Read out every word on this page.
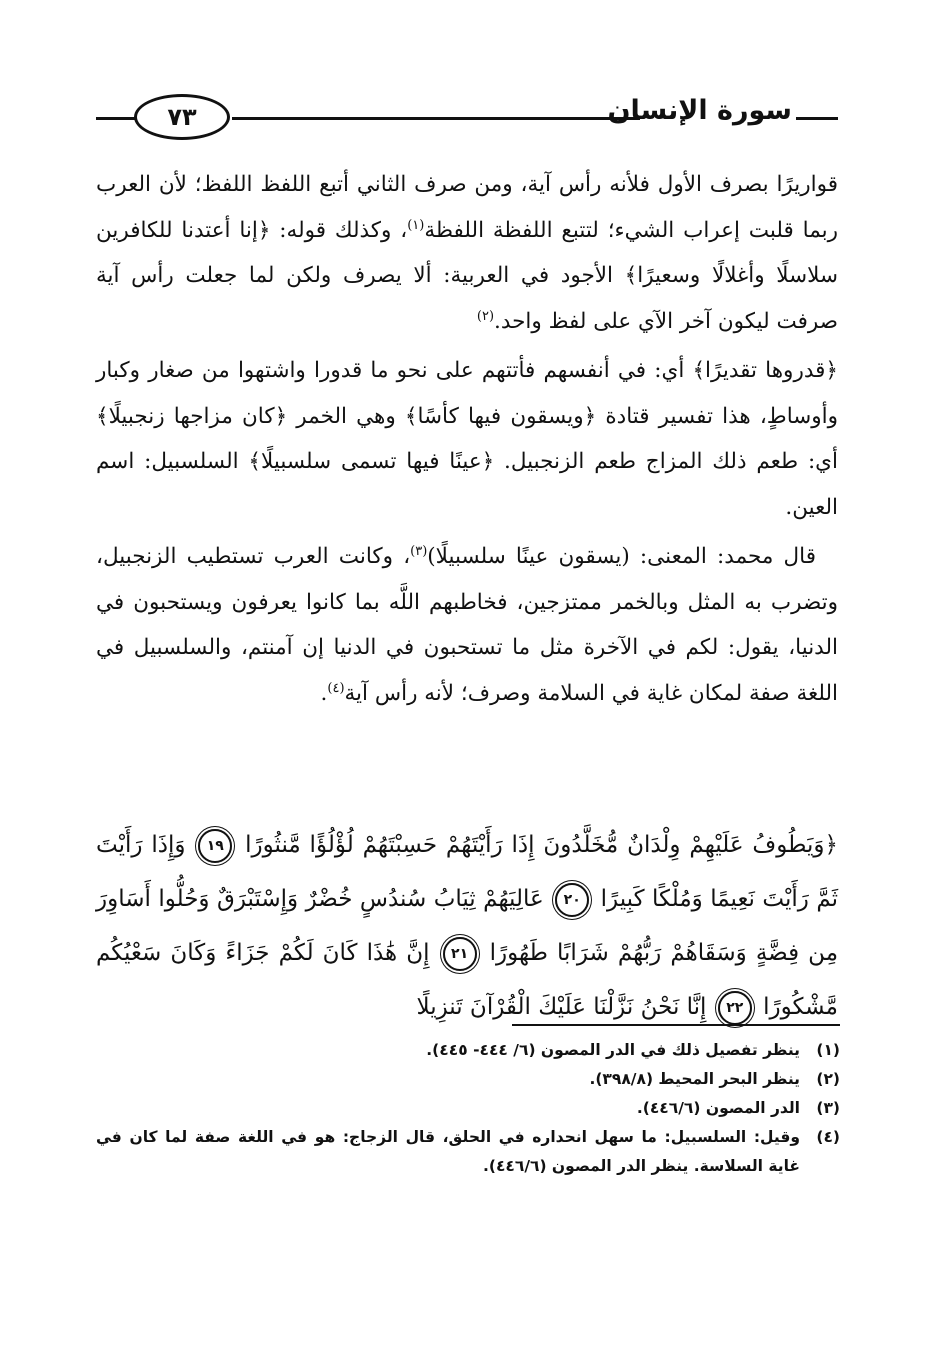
٧٣	سورة الإنسان

قواريرًا بصرف الأول فلأنه رأس آية، ومن صرف الثاني أتبع اللفظ اللفظ؛ لأن العرب ربما قلبت إعراب الشيء؛ لتتبع اللفظة اللفظة$^{(١)}$، وكذلك قوله: ﴿إنا أعتدنا للكافرين سلاسلًا وأغلالًا وسعيرًا﴾ الأجود في العربية: ألا يصرف ولكن لما جعلت رأس آية صرفت ليكون آخر الآي على لفظ واحد.$^{(٢)}$

﴿قدروها تقديرًا﴾ أي: في أنفسهم فأتتهم على نحو ما قدورا واشتهوا من صغار وكبار وأوساطٍ، هذا تفسير قتادة ﴿ويسقون فيها كأسًا﴾ وهي الخمر ﴿كان مزاجها زنجبيلًا﴾ أي: طعم ذلك المزاج طعم الزنجبيل. ﴿عينًا فيها تسمى سلسبيلًا﴾ السلسبيل: اسم العين.

قال محمد: المعنى: (يسقون عينًا سلسبيلًا)$^{(٣)}$، وكانت العرب تستطيب الزنجبيل، وتضرب به المثل وبالخمر ممتزجين، فخاطبهم اللَّه بما كانوا يعرفون ويستحبون في الدنيا، يقول: لكم في الآخرة مثل ما تستحبون في الدنيا إن آمنتم، والسلسبيل في اللغة صفة لمكان غاية في السلامة وصرف؛ لأنه رأس آية$^{(٤)}$.

﴿وَيَطُوفُ عَلَيْهِمْ وِلْدَانٌ مُّخَلَّدُونَ إِذَا رَأَيْتَهُمْ حَسِبْتَهُمْ لُؤْلُؤًا مَّنثُورًا ١٩ وَإِذَا رَأَيْتَ ثَمَّ رَأَيْتَ نَعِيمًا وَمُلْكًا كَبِيرًا ٢٠ عَالِيَهُمْ ثِيَابُ سُندُسٍ خُضْرٌ وَإِسْتَبْرَقٌ وَحُلُّوا أَسَاوِرَ مِن فِضَّةٍ وَسَقَاهُمْ رَبُّهُمْ شَرَابًا طَهُورًا ٢١ إِنَّ هَٰذَا كَانَ لَكُمْ جَزَاءً وَكَانَ سَعْيُكُم مَّشْكُورًا ٢٢ إِنَّا نَحْنُ نَزَّلْنَا عَلَيْكَ الْقُرْآنَ تَنزِيلًا
(١)
ينظر تفصيل ذلك في الدر المصون (٦/ ٤٤٤- ٤٤٥).
(٢)
ينظر البحر المحيط (٣٩٨/٨).
(٣)
الدر المصون (٤٤٦/٦).
(٤)
وقيل: السلسبيل: ما سهل انحداره في الحلق، قال الزجاج: هو في اللغة صفة لما كان في غاية السلاسة. ينظر الدر المصون (٤٤٦/٦).
